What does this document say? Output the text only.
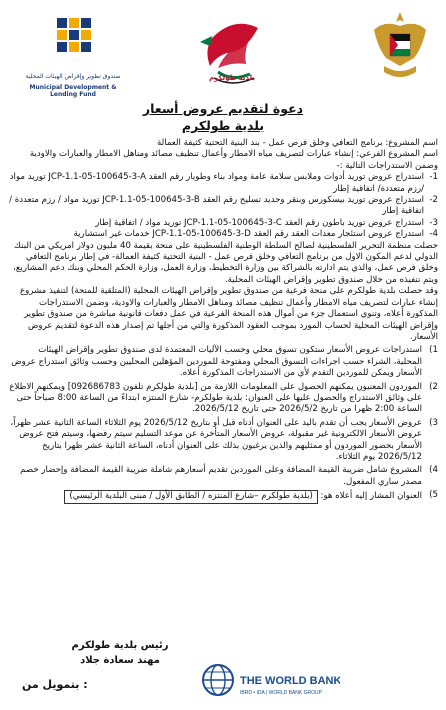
بلدية طولكرم
صندوق تطوير وإقراض الهيئات المحلية
Municipal Development & Lending Fund
دعوة لتقديم عروض أسعار
بلدية طولكرم

اسم المشروع: برنامج التعافي وخلق فرص عمل - بند البنية التحتية كثيفة العمالة

اسم المشروع الفرعي: إنشاء عبارات لتصريف مياه الامطار وأعمال تنظيف مصائد ومناهل الامطار والعبارات والاودية وضمن الاستدراجات التالية :-

1-
استدراج عروض توريد أدوات وملابس سلامة عامة ومواد بناء وطوبار رقم العقد JCP-1.1-05-100645-3-A توريد مواد /رزم متعددة/ اتفاقية إطار
2-
استدراج عروض توريد بيسكورس وبنقر وحديد تسليح رقم العقد JCP-1.1-05-100645-3-B توريد مواد / رزم متعددة /اتفاقية إطار
3-
استدراج عروض توريد باطون رقم العقد JCP-1.1-05-100645-3-C توريد مواد / اتفاقية إطار
4-
استدراج عروض استئجار معدات العقد رقم العقد JCP-1.1-05-100645-3-D خدمات غير استشارية

حصلت منظمة التحرير الفلسطينية لصالح السلطة الوطنية الفلسطينية على منحة بقيمة 40 مليون دولار امريكي من البنك الدولي لدعم المكون الاول من برنامج التعافي وخلق فرص عمل - البنية التحتية كثيفة العمالة- في إطار برنامج التعافي وخلق فرص عمل، والذي يتم ادارته بالشراكة بين وزارة التخطيط، وزارة العمل، وزارة الحكم المحلي وبنك دعم المشاريع، ويتم تنفيذه من خلال صندوق تطوير وإقراض الهيئات المحلية.

وقد حصلت بلدية طولكرم على منحة فرعية من صندوق تطوير وإقراض الهيئات المحلية (المتلقية للمنحة) لتنفيذ مشروع إنشاء عبارات لتصريف مياه الامطار وأعمال تنظيف مصائد ومناهل الامطار والعبارات والاودية، وضمن الاستدراجات المذكورة أعلاه، وتنوي استعمال جزء من أموال هذه المنحة الفرعية في عمل دفعات قانونية مباشرة من صندوق تطوير وإقراض الهيئات المحلية لحساب المورد بموجب العقود المذكورة والتي من أجلها تم إصدار هذه الدعوة لتقديم عروض الأسعار.

1)
استدراجات عروض الأسعار ستكون تسوق محلي وحسب الآليات المعتمدة لدى صندوق تطوير وإقراض الهيئات المحلية، الشراء حسب اجراءات التسوق المحلي ومفتوحة للموردين المؤهلين المحليين وحسب وثائق استدراج عروض الأسعار ويمكن للموردين التقدم لأي من الاستدراجات المذكورة أعلاه.
2)
الموردون المعنيون يمكنهم الحصول على المعلومات اللازمة من [بلدية طولكرم تلفون 092686783] ويمكنهم الاطلاع على وثائق الاستدراج والحصول عليها على العنوان: بلدية طولكرم- شارع المنتزه ابتداءً من الساعة 8:00 صباحاً حتى الساعة 2:00 ظهرا من تاريخ 2026/5/2 حتى تاريخ 2026/5/12.
3)
عروض الأسعار يجب أن تقدم باليد على العنوان أدناه قبل أو بتاريخ 2026/5/12 يوم الثلاثاء الساعة الثانية عشر ظهراً، عروض الأسعار الالكترونية غير مقبولة، عروض الأسعار المتأخرة عن موعد التسليم سيتم رفضها، وسيتم فتح عروض الأسعار بحضور الموردون أو ممثليهم والذين يرغبون بذلك على العنوان أدناه، الساعة الثانية عشر ظهرا بتاريخ 2026/5/12 يوم الثلاثاء.
4)
المشروع شامل ضريبة القيمة المضافة وعلى الموردين تقديم أسعارهم شاملة ضريبة القيمة المضافة وإحضار خصم مصدر ساري المفعول.
5)
العنوان المشار إليه أعلاه هو: (بلدية طولكرم –شارع المنتزه / الطابق الأول / مبنى البلدية الرئيسي)
رئيس بلدية طولكرم
مهند سعادة جلاد
THE WORLD BANK
IBRD • IDA | WORLD BANK GROUP
بتمويل من :
